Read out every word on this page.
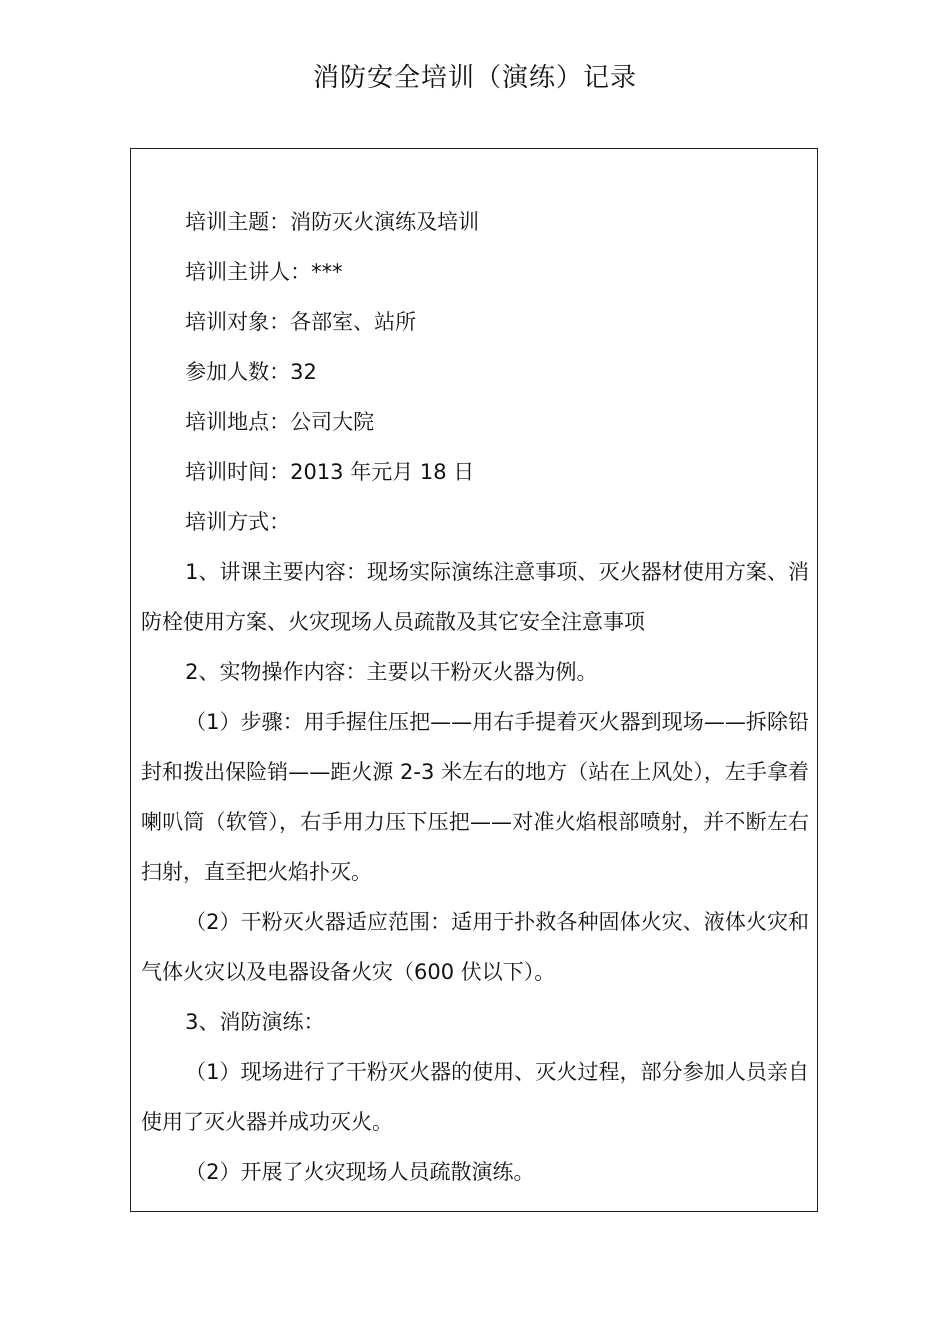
消防安全培训（演练）记录

培训主题：消防灭火演练及培训

培训主讲人：***

培训对象：各部室、站所

参加人数：32

培训地点：公司大院

培训时间：2013 年元月 18 日

培训方式：

1、讲课主要内容：现场实际演练注意事项、灭火器材使用方案、消防栓使用方案、火灾现场人员疏散及其它安全注意事项

2、实物操作内容：主要以干粉灭火器为例。

（1）步骤：用手握住压把——用右手提着灭火器到现场——拆除铅封和拨出保险销——距火源 2-3 米左右的地方（站在上风处），左手拿着喇叭筒（软管），右手用力压下压把——对准火焰根部喷射，并不断左右扫射，直至把火焰扑灭。

（2）干粉灭火器适应范围：适用于扑救各种固体火灾、液体火灾和气体火灾以及电器设备火灾（600 伏以下）。

3、消防演练：

（1）现场进行了干粉灭火器的使用、灭火过程，部分参加人员亲自使用了灭火器并成功灭火。

（2）开展了火灾现场人员疏散演练。
